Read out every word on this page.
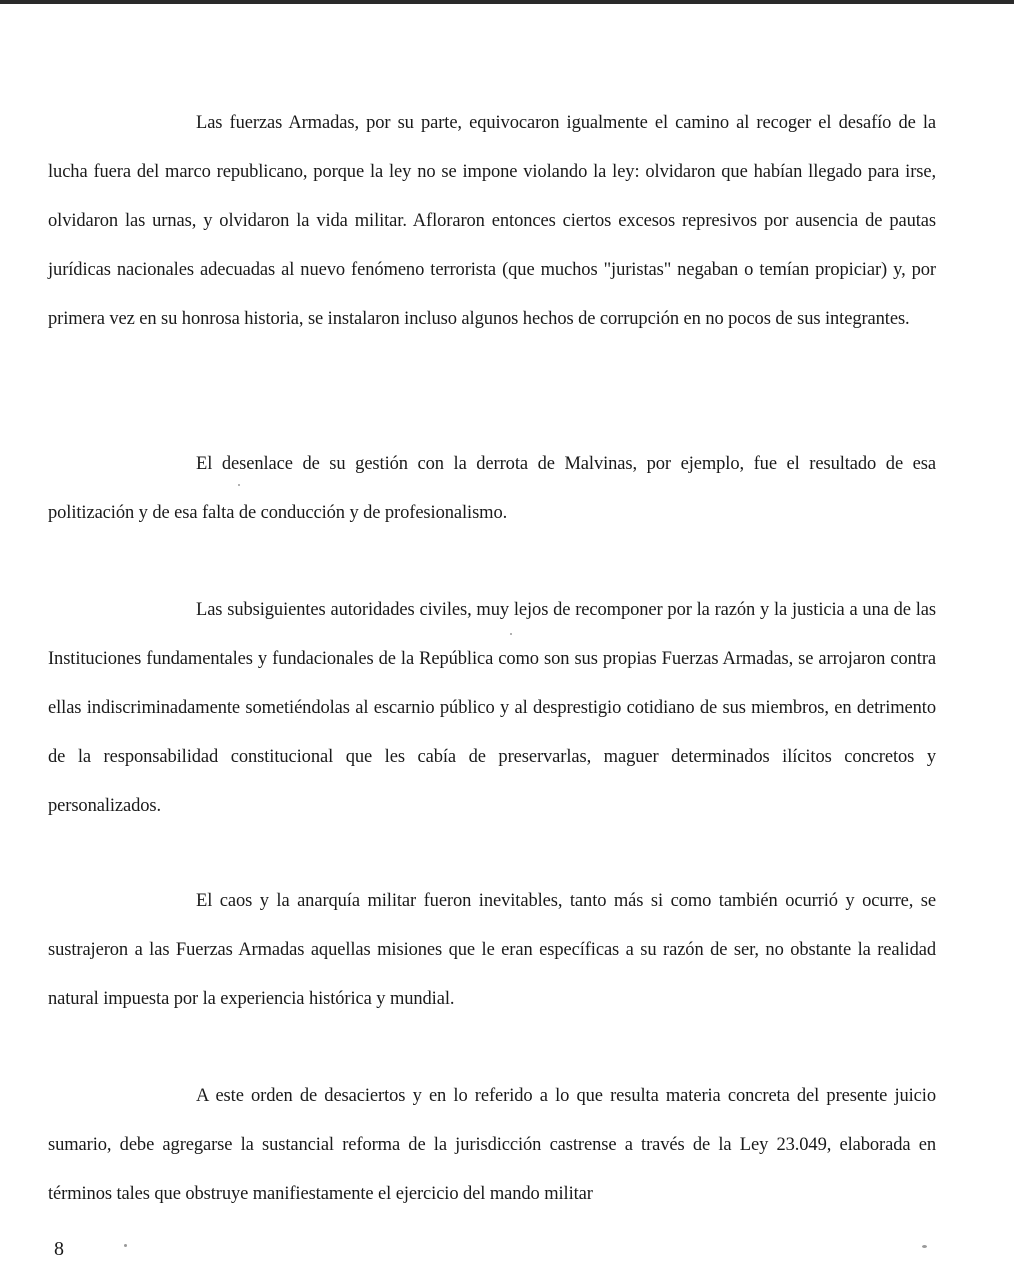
Las fuerzas Armadas, por su parte, equivocaron igualmente el camino al recoger el desafío de la lucha fuera del marco republicano, porque la ley no se impone violando la ley: olvidaron que habían llegado para irse, olvidaron las urnas, y olvidaron la vida militar. Afloraron entonces ciertos excesos represivos por ausencia de pautas jurídicas nacionales adecuadas al nuevo fenómeno terrorista (que muchos "juristas" negaban o temían propiciar) y, por primera vez en su honrosa historia, se instalaron incluso algunos hechos de corrupción en no pocos de sus integrantes.

El desenlace de su gestión con la derrota de Malvinas, por ejemplo, fue el resultado de esa politización y de esa falta de conducción y de profesionalismo.

Las subsiguientes autoridades civiles, muy lejos de recomponer por la razón y la justicia a una de las Instituciones fundamentales y fundacionales de la República como son sus propias Fuerzas Armadas, se arrojaron contra ellas indiscriminadamente sometiéndolas al escarnio público y al desprestigio cotidiano de sus miembros, en detrimento de la responsabilidad constitucional que les cabía de preservarlas, maguer determinados ilícitos concretos y personalizados.

El caos y la anarquía militar fueron inevitables, tanto más si como también ocurrió y ocurre, se sustrajeron a las Fuerzas Armadas aquellas misiones que le eran específicas a su razón de ser, no obstante la realidad natural impuesta por la experiencia histórica y mundial.

A este orden de desaciertos y en lo referido a lo que resulta materia concreta del presente juicio sumario, debe agregarse la sustancial reforma de la jurisdicción castrense a través de la Ley 23.049, elaborada en términos tales que obstruye manifiestamente el ejercicio del mando militar

8
